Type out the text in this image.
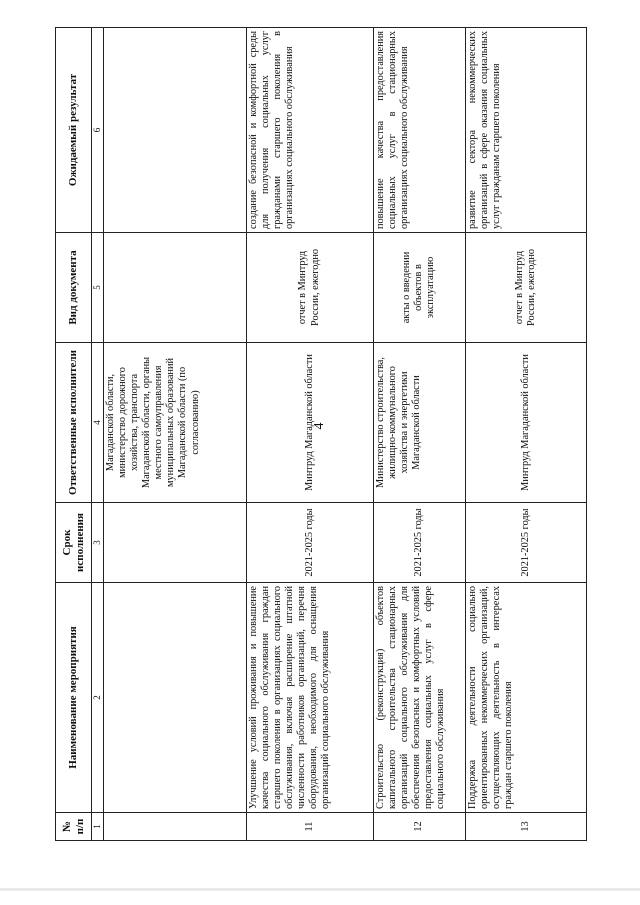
4
№ п/п	Наименование мероприятия	Срок исполнения	Ответственные исполнители	Вид документа	Ожидаемый результат
1	2	3	4	5	6
			Магаданской области, министерство дорожного хозяйства, транспорта Магаданской области, органы местного самоуправления муниципальных образований Магаданской области (по согласованию)		
11	Улучшение условий проживания и повышение качества социального обслуживания граждан старшего поколения в организациях социального обслуживания, включая расширение штатной численности работников организаций, перечня оборудования, необходимого для оснащения организаций социального обслуживания	2021-2025 годы	Минтруд Магаданской области	отчет в Минтруд России, ежегодно	создание безопасной и комфортной среды для получения социальных услуг гражданами старшего поколения в организациях социального обслуживания
12	Строительство (реконструкция) объектов капитального строительства стационарных организаций социального обслуживания для обеспечения безопасных и комфортных условий предоставления социальных услуг в сфере социального обслуживания	2021-2025 годы	Министерство строительства, жилищно-коммунального хозяйства и энергетики Магаданской области	акты о введении объектов в эксплуатацию	повышение качества предоставления социальных услуг в стационарных организациях социального обслуживания
13	Поддержка деятельности социально ориентированных некоммерческих организаций, осуществляющих деятельность в интересах граждан старшего поколения	2021-2025 годы	Минтруд Магаданской области	отчет в Минтруд России, ежегодно	развитие сектора некоммерческих организаций в сфере оказания социальных услуг гражданам старшего поколения
